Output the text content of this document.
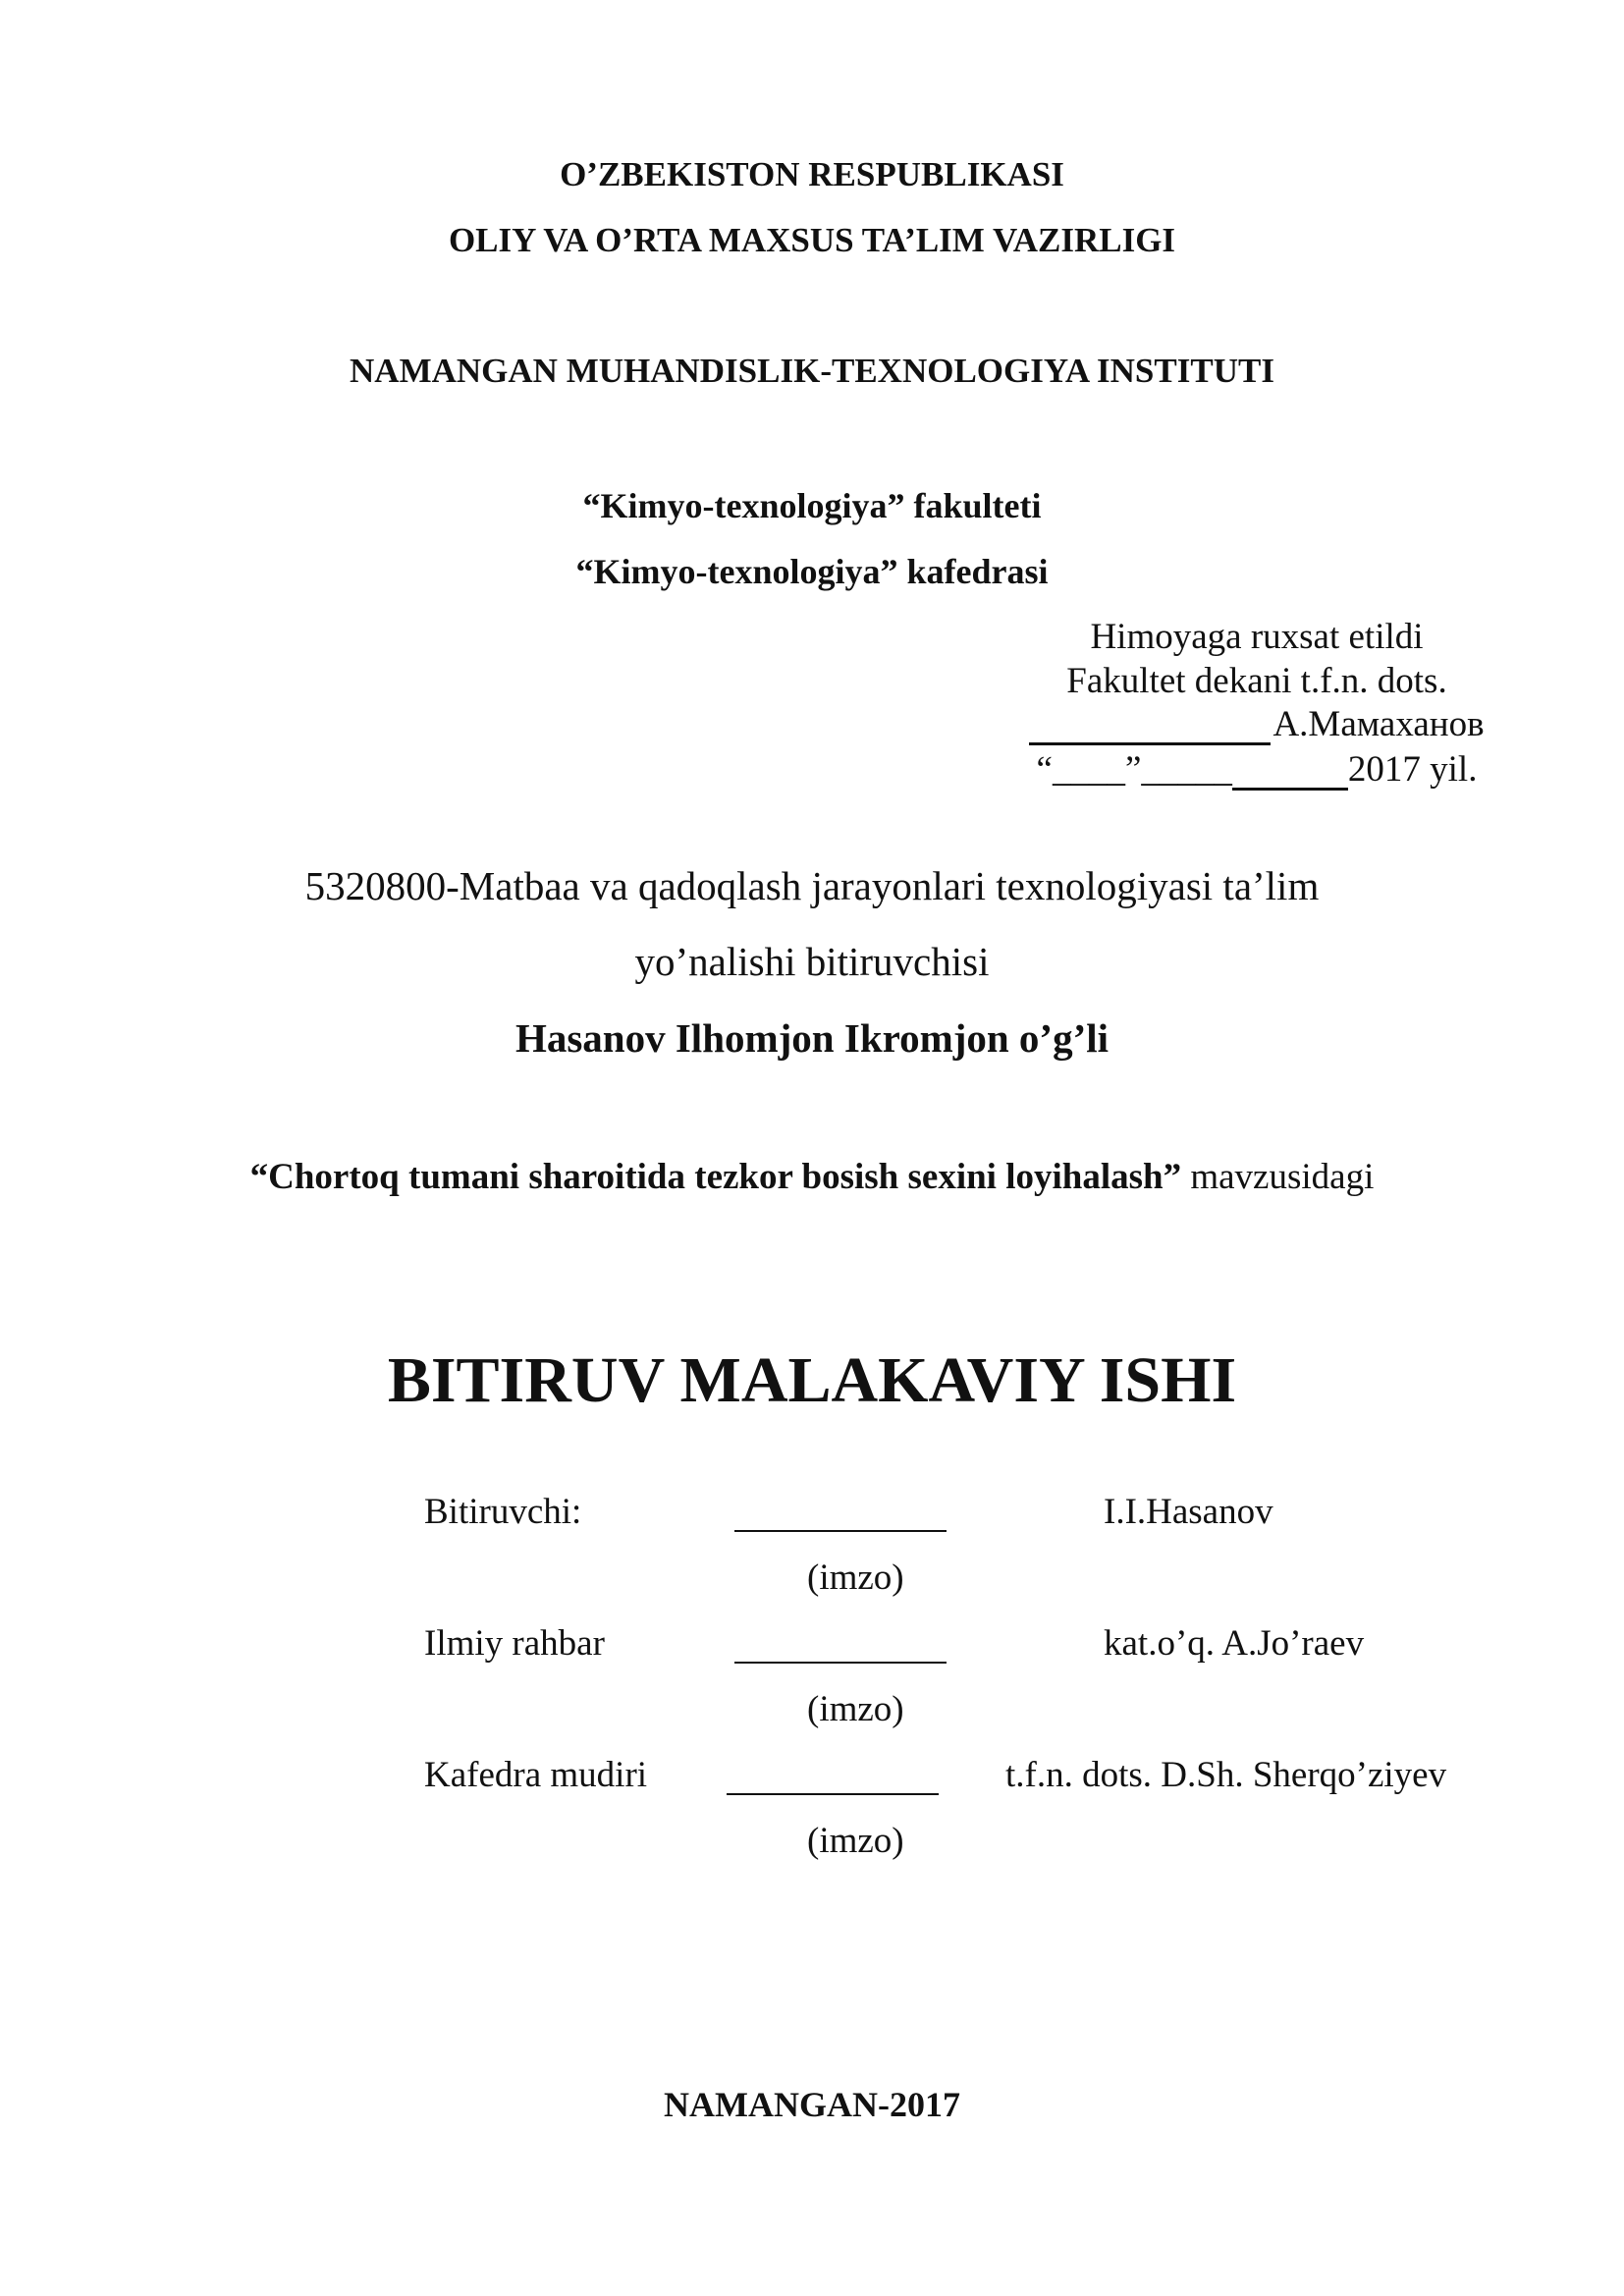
O’ZBEKISTON RESPUBLIKASI
OLIY VA O’RTA MAXSUS TA’LIM VAZIRLIGI
NAMANGAN MUHANDISLIK-TEXNOLOGIYA INSTITUTI
“Kimyo-texnologiya” fakulteti
“Kimyo-texnologiya” kafedrasi
Himoyaga ruxsat etildi
Fakultet dekani t.f.n. dots.
А.Мамаханов
“____”_____	2017 yil.
5320800-Matbaa va qadoqlash jarayonlari texnologiyasi ta’lim
yo’nalishi bitiruvchisi
Hasanov Ilhomjon Ikromjon o’g’li
“Chortoq tumani sharoitida tezkor bosish sexini loyihalash” mavzusidagi
BITIRUV MALAKAVIY ISHI
Bitiruvchi:	I.I.Hasanov
(imzo)
Ilmiy rahbar	kat.o’q. A.Jo’raev
(imzo)
Kafedra mudiri	t.f.n. dots. D.Sh. Sherqo’ziyev
(imzo)
NAMANGAN-2017
